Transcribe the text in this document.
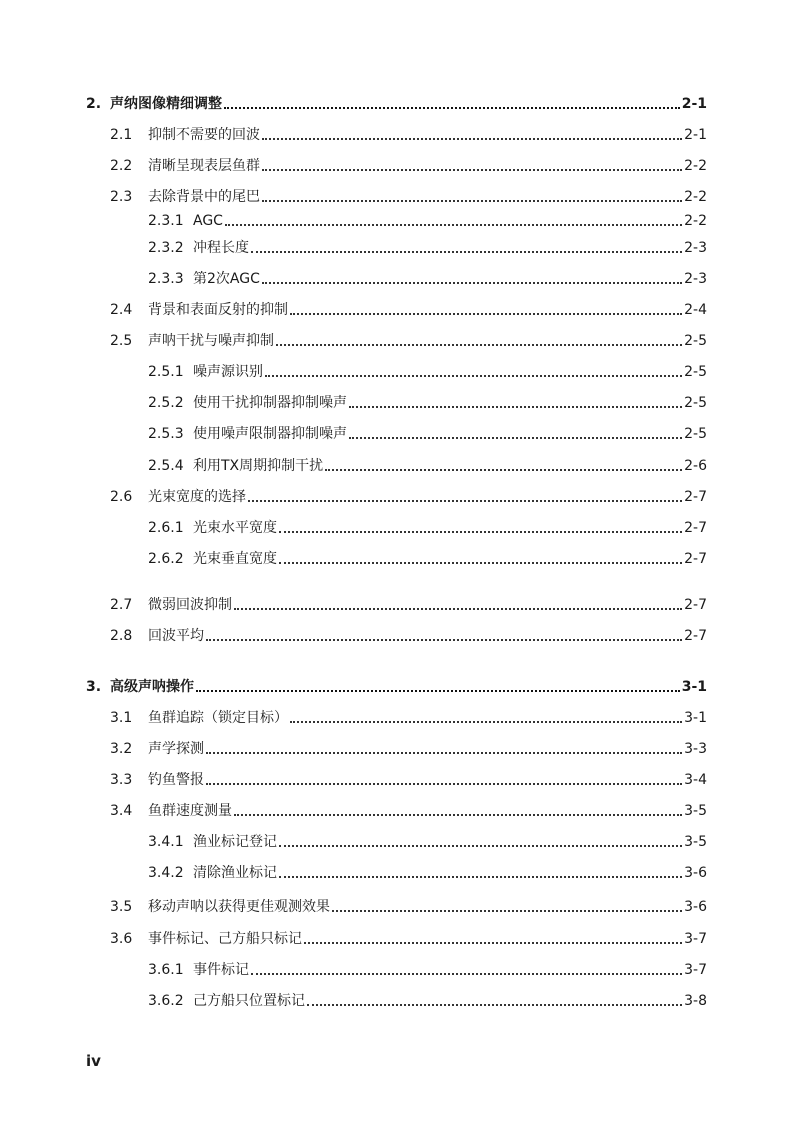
2. 声纳图像精细调整	2-1
2.1	抑制不需要的回波	2-1
2.2	清晰呈现表层鱼群	2-2
2.3	去除背景中的尾巴	2-2
2.3.1 AGC	2-2
2.3.2 冲程长度	2-3
2.3.3 第2次AGC	2-3
2.4	背景和表面反射的抑制	2-4
2.5	声呐干扰与噪声抑制	2-5
2.5.1 噪声源识别	2-5
2.5.2 使用干扰抑制器抑制噪声	2-5
2.5.3 使用噪声限制器抑制噪声	2-5
2.5.4 利用TX周期抑制干扰	2-6
2.6	光束宽度的选择	2-7
2.6.1 光束水平宽度	2-7
2.6.2 光束垂直宽度	2-7
2.7	微弱回波抑制	2-7
2.8	回波平均	2-7
3. 高级声呐操作	3-1
3.1	鱼群追踪（锁定目标）	3-1
3.2	声学探测	3-3
3.3	钓鱼警报	3-4
3.4	鱼群速度测量	3-5
3.4.1 渔业标记登记	3-5
3.4.2 清除渔业标记	3-6
3.5	移动声呐以获得更佳观测效果	3-6
3.6	事件标记、己方船只标记	3-7
3.6.1 事件标记	3-7
3.6.2 己方船只位置标记	3-8
iv
